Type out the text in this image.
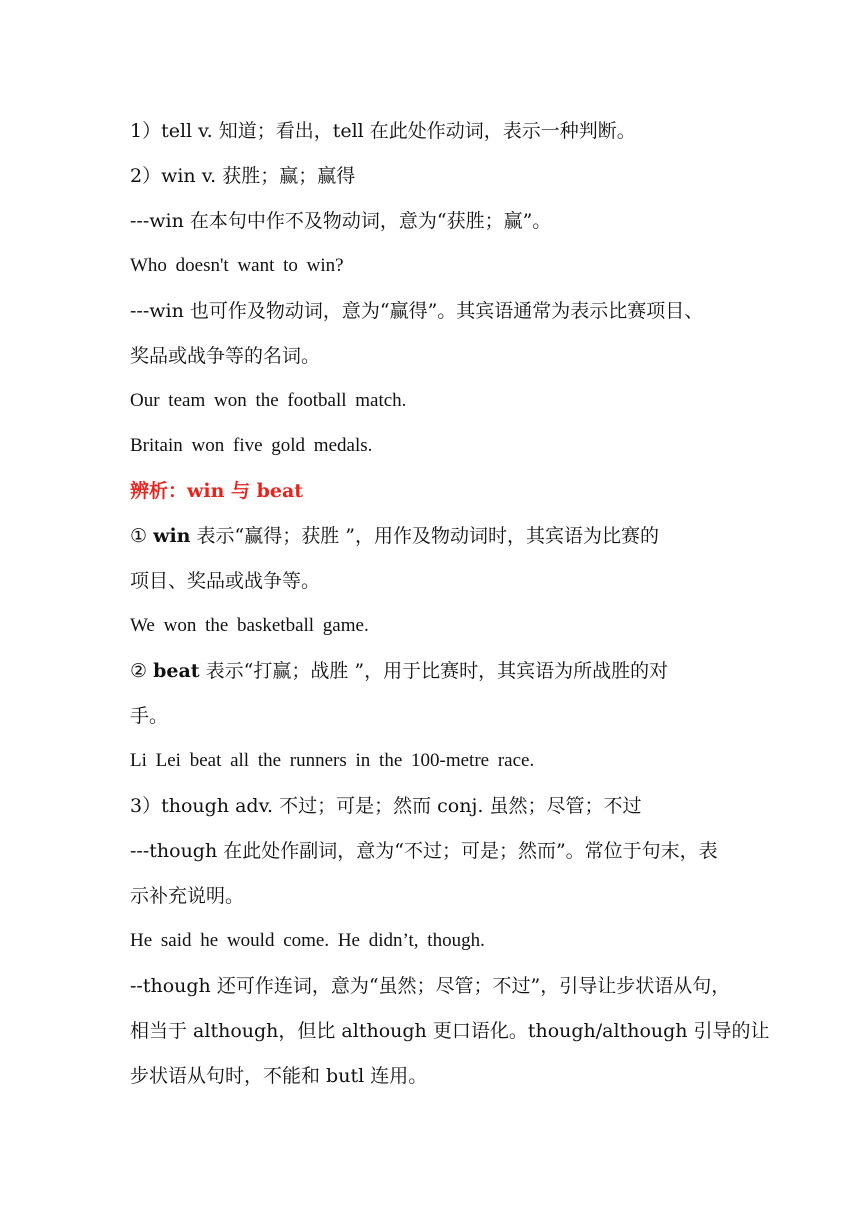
1）tell v. 知道；看出，tell 在此处作动词，表示一种判断。
2）win v. 获胜；赢；赢得
---win 在本句中作不及物动词，意为“获胜；赢”。
Who doesn't want to win?
---win 也可作及物动词，意为“赢得”。其宾语通常为表示比赛项目、
奖品或战争等的名词。
Our team won the football match.
Britain won five gold medals.
辨析：win 与 beat
① win 表示“赢得；获胜 ”，用作及物动词时，其宾语为比赛的
项目、奖品或战争等。
We won the basketball game.
② beat 表示“打赢；战胜 ”，用于比赛时，其宾语为所战胜的对
手。
Li Lei beat all the runners in the 100-metre race.
3）though adv. 不过；可是；然而 conj. 虽然；尽管；不过
---though 在此处作副词，意为“不过；可是；然而”。常位于句末，表
示补充说明。
He said he would come. He didn’t, though.
--though 还可作连词，意为“虽然；尽管；不过”，引导让步状语从句，
相当于 although，但比 although 更口语化。though/although 引导的让
步状语从句时，不能和 butl 连用。
